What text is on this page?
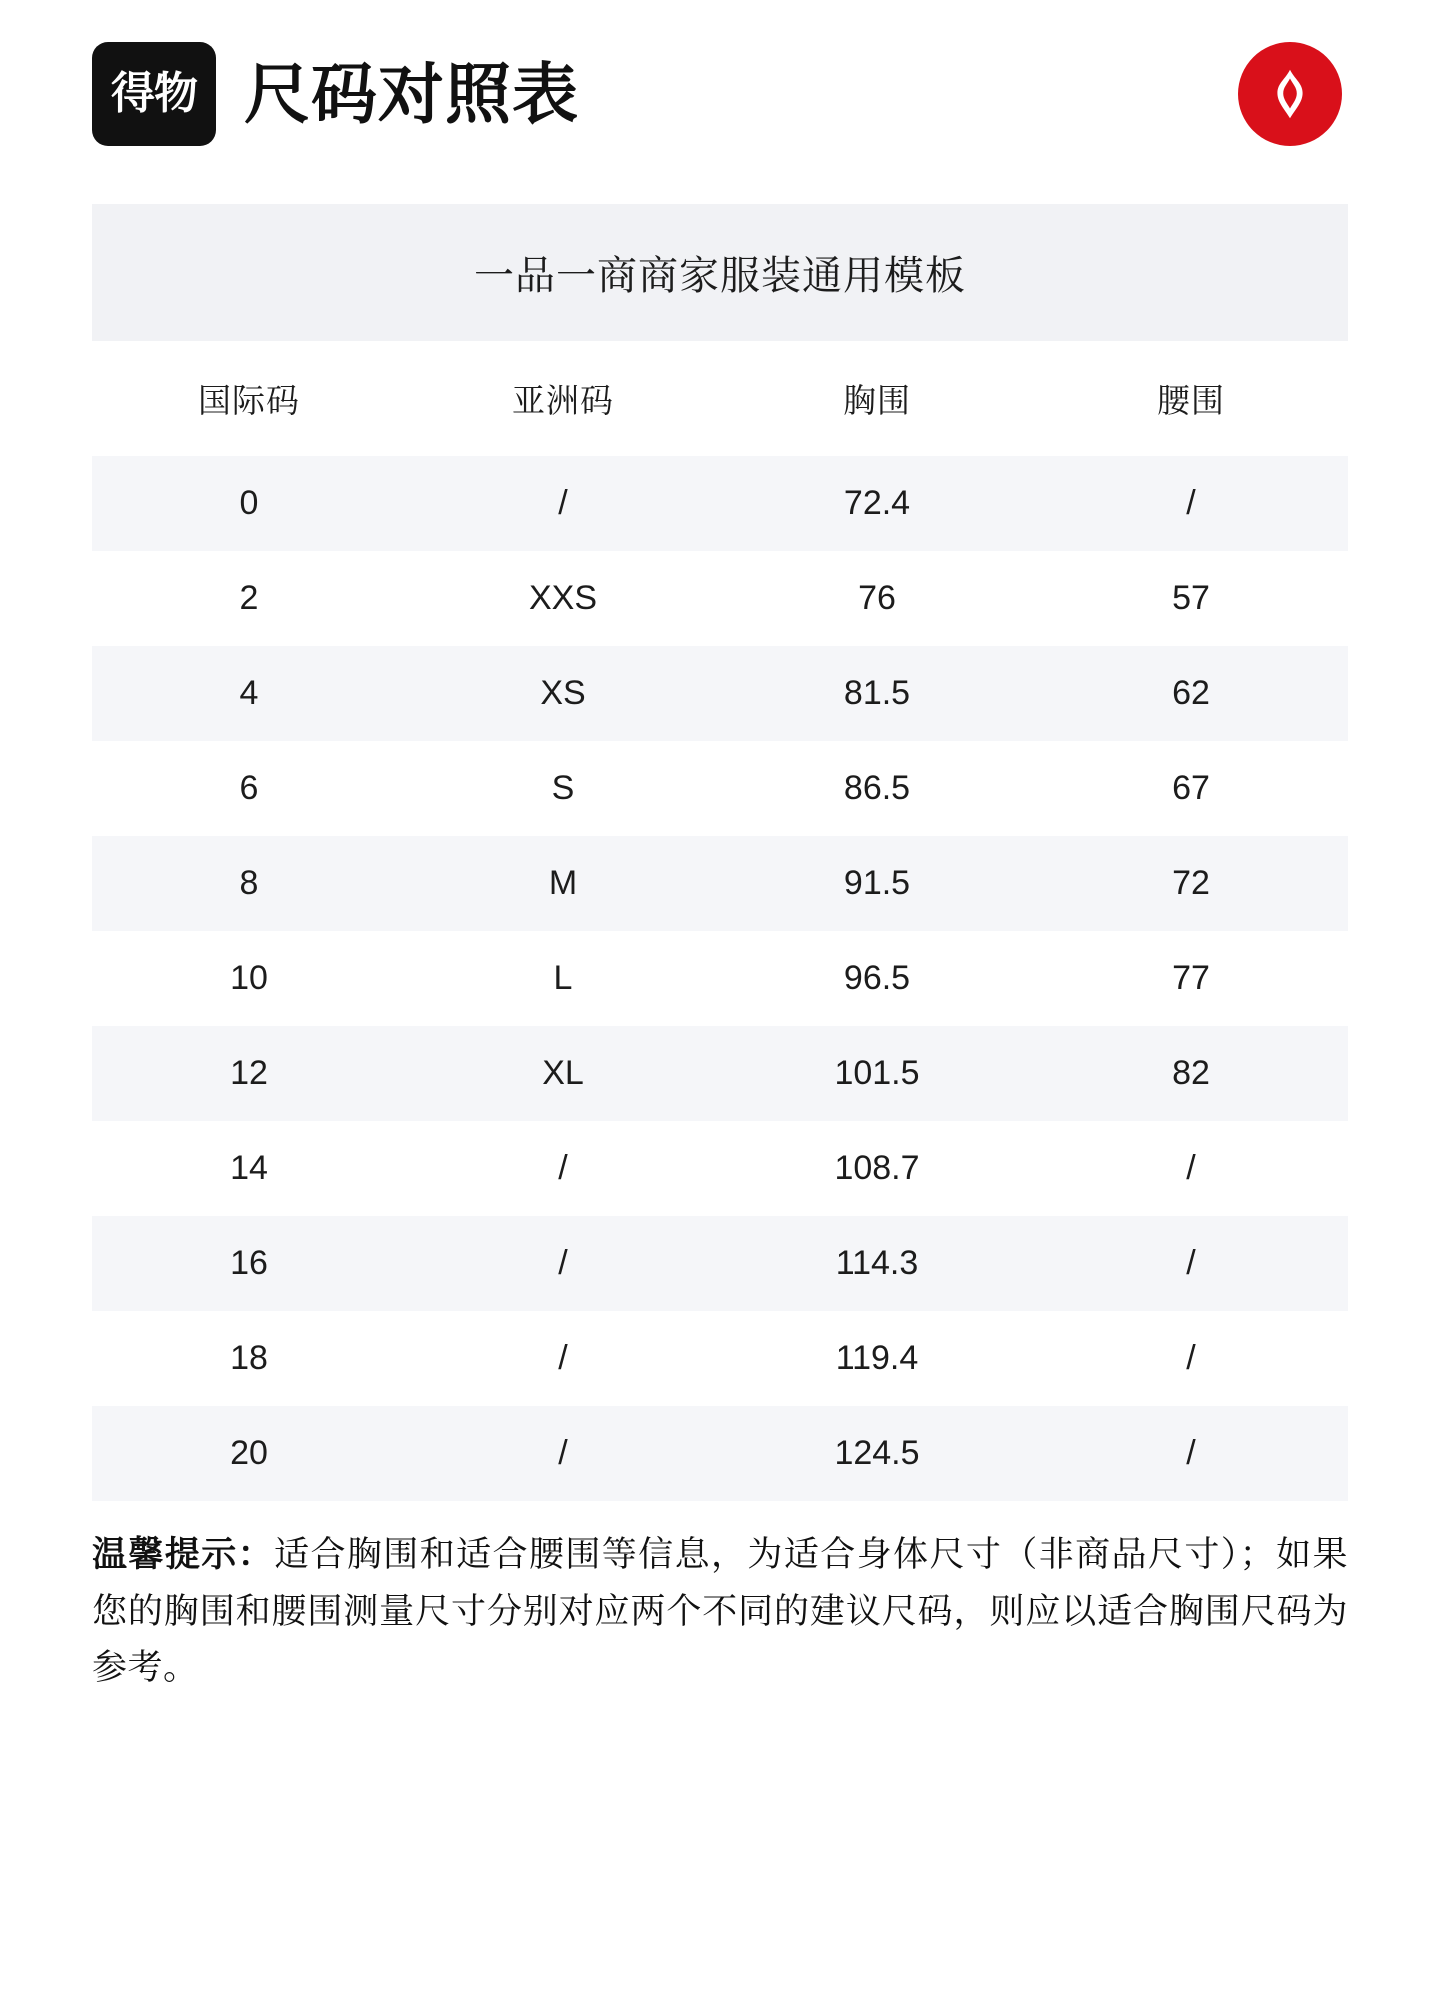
得物 尺码对照表
一品一商商家服装通用模板
国际码	亚洲码	胸围	腰围
0	/	72.4	/
2	XXS	76	57
4	XS	81.5	62
6	S	86.5	67
8	M	91.5	72
10	L	96.5	77
12	XL	101.5	82
14	/	108.7	/
16	/	114.3	/
18	/	119.4	/
20	/	124.5	/
温馨提示：适合胸围和适合腰围等信息，为适合身体尺寸（非商品尺寸）；如果您的胸围和腰围测量尺寸分别对应两个不同的建议尺码，则应以适合胸围尺码为参考。
